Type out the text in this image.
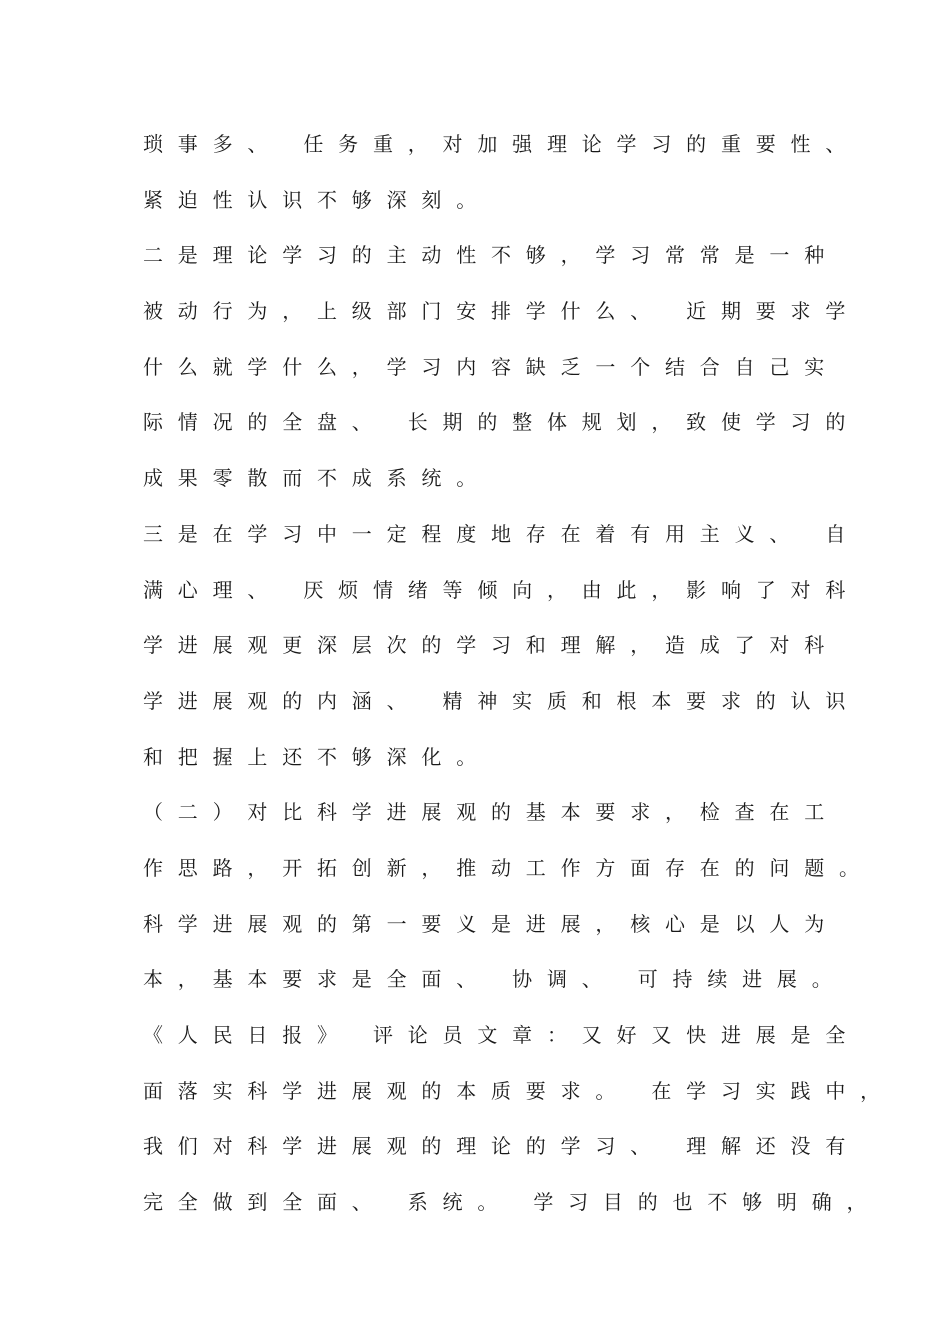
琐事多、 任务重，对加强理论学习的重要性、
紧迫性认识不够深刻。
二是理论学习的主动性不够，学习常常是一种
被动行为，上级部门安排学什么、 近期要求学
什么就学什么，学习内容缺乏一个结合自己实
际情况的全盘、 长期的整体规划，致使学习的
成果零散而不成系统。
三是在学习中一定程度地存在着有用主义、 自
满心理、 厌烦情绪等倾向，由此，影响了对科
学进展观更深层次的学习和理解，造成了对科
学进展观的内涵、 精神实质和根本要求的认识
和把握上还不够深化。
（二）对比科学进展观的基本要求，检查在工
作思路，开拓创新，推动工作方面存在的问题。
科学进展观的第一要义是进展，核心是以人为
本，基本要求是全面、 协调、 可持续进展。
《人民日报》 评论员文章：又好又快进展是全
面落实科学进展观的本质要求。 在学习实践中，
我们对科学进展观的理论的学习、 理解还没有
完全做到全面、 系统。 学习目的也不够明确，
